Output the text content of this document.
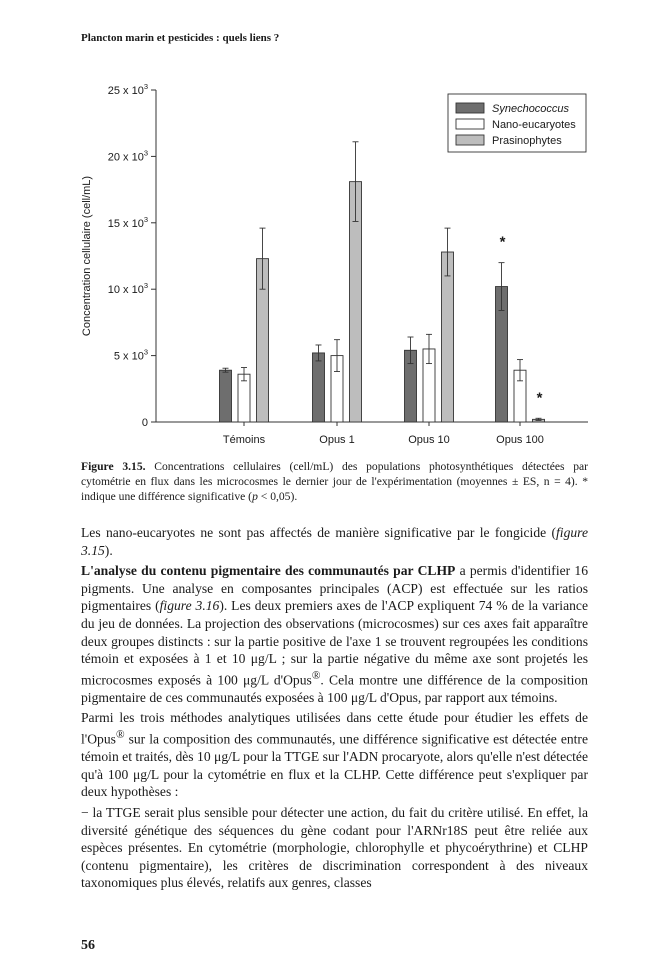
Plancton marin et pesticides : quels liens ?
0
5 x $10^3$
10 x $10^3$
15 x $10^3$
20 x $10^3$
25 x $10^3$
Concentration cellulaire (cell/mL)
Témoins	Opus 1	Opus 10	Opus 100
*
*
Synechococcus
Nano-eucaryotes
Prasinophytes
Figure 3.15. Concentrations cellulaires (cell/mL) des populations photosynthétiques détectées par cytométrie en flux dans les microcosmes le dernier jour de l'expérimentation (moyennes ± ES, n = 4). * indique une différence significative (p < 0,05).

Les nano-eucaryotes ne sont pas affectés de manière significative par le fongicide (figure 3.15).

L'analyse du contenu pigmentaire des communautés par CLHP a permis d'identifier 16 pigments. Une analyse en composantes principales (ACP) est effectuée sur les ratios pigmentaires (figure 3.16). Les deux premiers axes de l'ACP expliquent 74 % de la variance du jeu de données. La projection des observations (microcosmes) sur ces axes fait apparaître deux groupes distincts : sur la partie positive de l'axe 1 se trouvent regroupées les conditions témoin et exposées à 1 et 10 μg/L ; sur la partie négative du même axe sont projetés les microcosmes exposés à 100 μg/L d'Opus®. Cela montre une différence de la composition pigmentaire de ces communautés exposées à 100 μg/L d'Opus, par rapport aux témoins.

Parmi les trois méthodes analytiques utilisées dans cette étude pour étudier les effets de l'Opus® sur la composition des communautés, une différence significative est détectée entre témoin et traités, dès 10 μg/L pour la TTGE sur l'ADN procaryote, alors qu'elle n'est détectée qu'à 100 μg/L pour la cytométrie en flux et la CLHP. Cette différence peut s'expliquer par deux hypothèses :

− la TTGE serait plus sensible pour détecter une action, du fait du critère utilisé. En effet, la diversité génétique des séquences du gène codant pour l'ARNr18S peut être reliée aux espèces présentes. En cytométrie (morphologie, chlorophylle et phycoérythrine) et CLHP (contenu pigmentaire), les critères de discrimination correspondent à des niveaux taxonomiques plus élevés, relatifs aux genres, classes

56
